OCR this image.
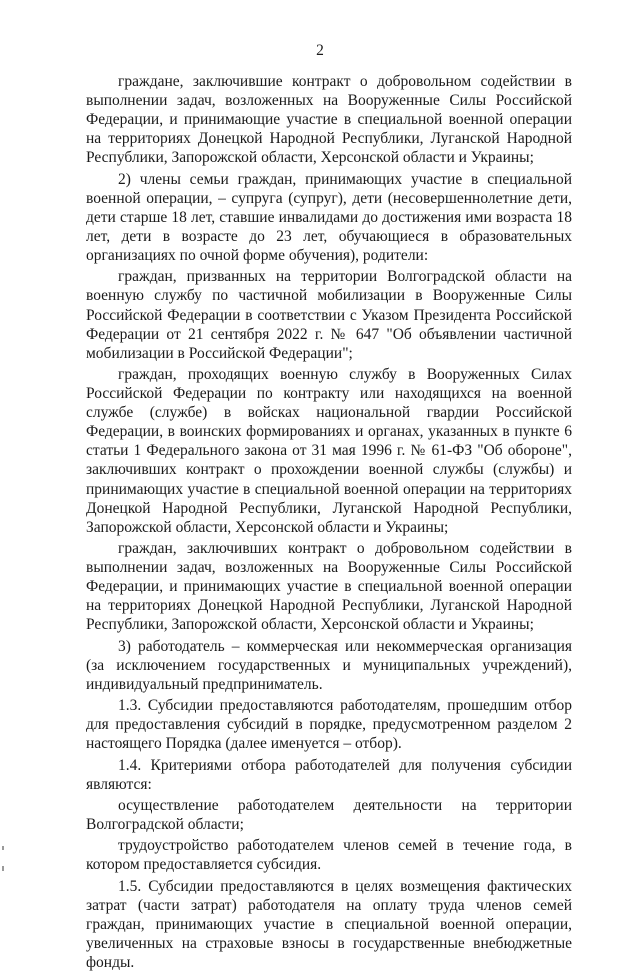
2

граждане, заключившие контракт о добровольном содействии в выполнении задач, возложенных на Вооруженные Силы Российской Федерации, и принимающие участие в специальной военной операции на территориях Донецкой Народной Республики, Луганской Народной Республики, Запорожской области, Херсонской области и Украины;

2) члены семьи граждан, принимающих участие в специальной военной операции, – супруга (супруг), дети (несовершеннолетние дети, дети старше 18 лет, ставшие инвалидами до достижения ими возраста 18 лет, дети в возрасте до 23 лет, обучающиеся в образовательных организациях по очной форме обучения), родители:

граждан, призванных на территории Волгоградской области на военную службу по частичной мобилизации в Вооруженные Силы Российской Федерации в соответствии с Указом Президента Российской Федерации от 21 сентября 2022 г. № 647 "Об объявлении частичной мобилизации в Российской Федерации";

граждан, проходящих военную службу в Вооруженных Силах Российской Федерации по контракту или находящихся на военной службе (службе) в войсках национальной гвардии Российской Федерации, в воинских формированиях и органах, указанных в пункте 6 статьи 1 Федерального закона от 31 мая 1996 г. № 61-ФЗ "Об обороне", заключивших контракт о прохождении военной службы (службы) и принимающих участие в специальной военной операции на территориях Донецкой Народной Республики, Луганской Народной Республики, Запорожской области, Херсонской области и Украины;

граждан, заключивших контракт о добровольном содействии в выполнении задач, возложенных на Вооруженные Силы Российской Федерации, и принимающих участие в специальной военной операции на территориях Донецкой Народной Республики, Луганской Народной Республики, Запорожской области, Херсонской области и Украины;

3) работодатель – коммерческая или некоммерческая организация (за исключением государственных и муниципальных учреждений), индивидуальный предприниматель.

1.3. Субсидии предоставляются работодателям, прошедшим отбор для предоставления субсидий в порядке, предусмотренном разделом 2 настоящего Порядка (далее именуется – отбор).

1.4. Критериями отбора работодателей для получения субсидии являются:

осуществление работодателем деятельности на территории Волгоградской области;

трудоустройство работодателем членов семей в течение года, в котором предоставляется субсидия.

1.5. Субсидии предоставляются в целях возмещения фактических затрат (части затрат) работодателя на оплату труда членов семей граждан, принимающих участие в специальной военной операции, увеличенных на страховые взносы в государственные внебюджетные фонды.
